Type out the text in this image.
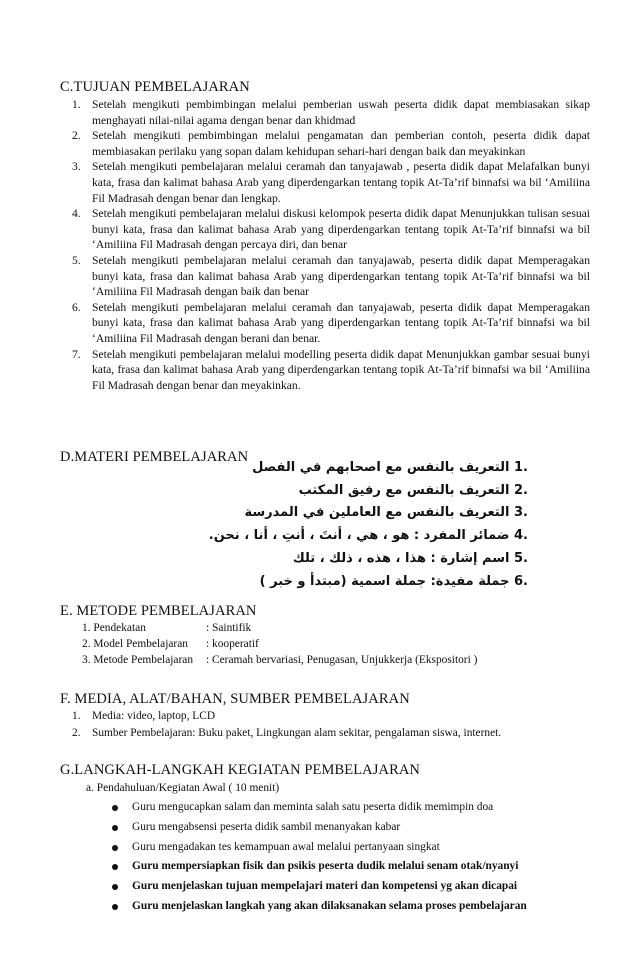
C.TUJUAN PEMBELAJARAN
1. Setelah mengikuti pembimbingan melalui pemberian uswah peserta didik dapat membiasakan sikap menghayati nilai-nilai agama dengan benar dan khidmad
2. Setelah mengikuti pembimbingan melalui pengamatan dan pemberian contoh, peserta didik dapat membiasakan perilaku yang sopan dalam kehidupan sehari-hari dengan baik dan meyakinkan
3. Setelah mengikuti pembelajaran melalui ceramah dan tanyajawab , peserta didik dapat Melafalkan bunyi kata, frasa dan kalimat bahasa Arab yang diperdengarkan tentang topik At-Ta’rif binnafsi wa bil ‘Amiliina Fil Madrasah dengan benar dan lengkap.
4. Setelah mengikuti pembelajaran melalui diskusi kelompok peserta didik dapat Menunjukkan tulisan sesuai bunyi kata, frasa dan kalimat bahasa Arab yang diperdengarkan tentang topik At-Ta’rif binnafsi wa bil ‘Amiliina Fil Madrasah dengan percaya diri, dan benar
5. Setelah mengikuti pembelajaran melalui ceramah dan tanyajawab, peserta didik dapat Memperagakan bunyi kata, frasa dan kalimat bahasa Arab yang diperdengarkan tentang topik At-Ta’rif binnafsi wa bil ‘Amiliina Fil Madrasah dengan baik dan benar
6. Setelah mengikuti pembelajaran melalui ceramah dan tanyajawab, peserta didik dapat Memperagakan bunyi kata, frasa dan kalimat bahasa Arab yang diperdengarkan tentang topik At-Ta’rif binnafsi wa bil ‘Amiliina Fil Madrasah dengan berani dan benar.
7. Setelah mengikuti pembelajaran melalui modelling peserta didik dapat Menunjukkan gambar sesuai bunyi kata, frasa dan kalimat bahasa Arab yang diperdengarkan tentang topik At-Ta’rif binnafsi wa bil ‘Amiliina Fil Madrasah dengan benar dan meyakinkan.
D.MATERI PEMBELAJARAN
.1 التعريف بالنفس مع اصحابهم في الفصل
.2 التعريف بالنفس مع رفيق المكتب
.3 التعريف بالنفس مع العاملين في المدرسة
.4 ضمائر المفرد : هو ، هي ، أنتَ ، أنتِ ، أنا ، نحن.
.5 اسم إشارة : هذا ، هذه ، ذلك ، تلك
.6 جملة مفيدة: جملة اسمية (مبتدأ و خبر )
E. METODE PEMBELAJARAN
1. Pendekatan	: Saintifik
2. Model Pembelajaran : kooperatif
3. Metode Pembelajaran : Ceramah bervariasi, Penugasan, Unjukkerja (Ekspositori )
F. MEDIA, ALAT/BAHAN, SUMBER PEMBELAJARAN
1. Media: video, laptop, LCD
2. Sumber Pembelajaran: Buku paket, Lingkungan alam sekitar, pengalaman siswa, internet.
G.LANGKAH-LANGKAH KEGIATAN PEMBELAJARAN
a. Pendahuluan/Kegiatan Awal ( 10 menit)
Guru mengucapkan salam dan meminta salah satu peserta didik memimpin doa
Guru mengabsensi peserta didik sambil menanyakan kabar
Guru mengadakan tes kemampuan awal melalui pertanyaan singkat
Guru mempersiapkan fisik dan psikis peserta dudik melalui senam otak/nyanyi
Guru menjelaskan tujuan mempelajari materi dan kompetensi yg akan dicapai
Guru menjelaskan langkah yang akan dilaksanakan selama proses pembelajaran
